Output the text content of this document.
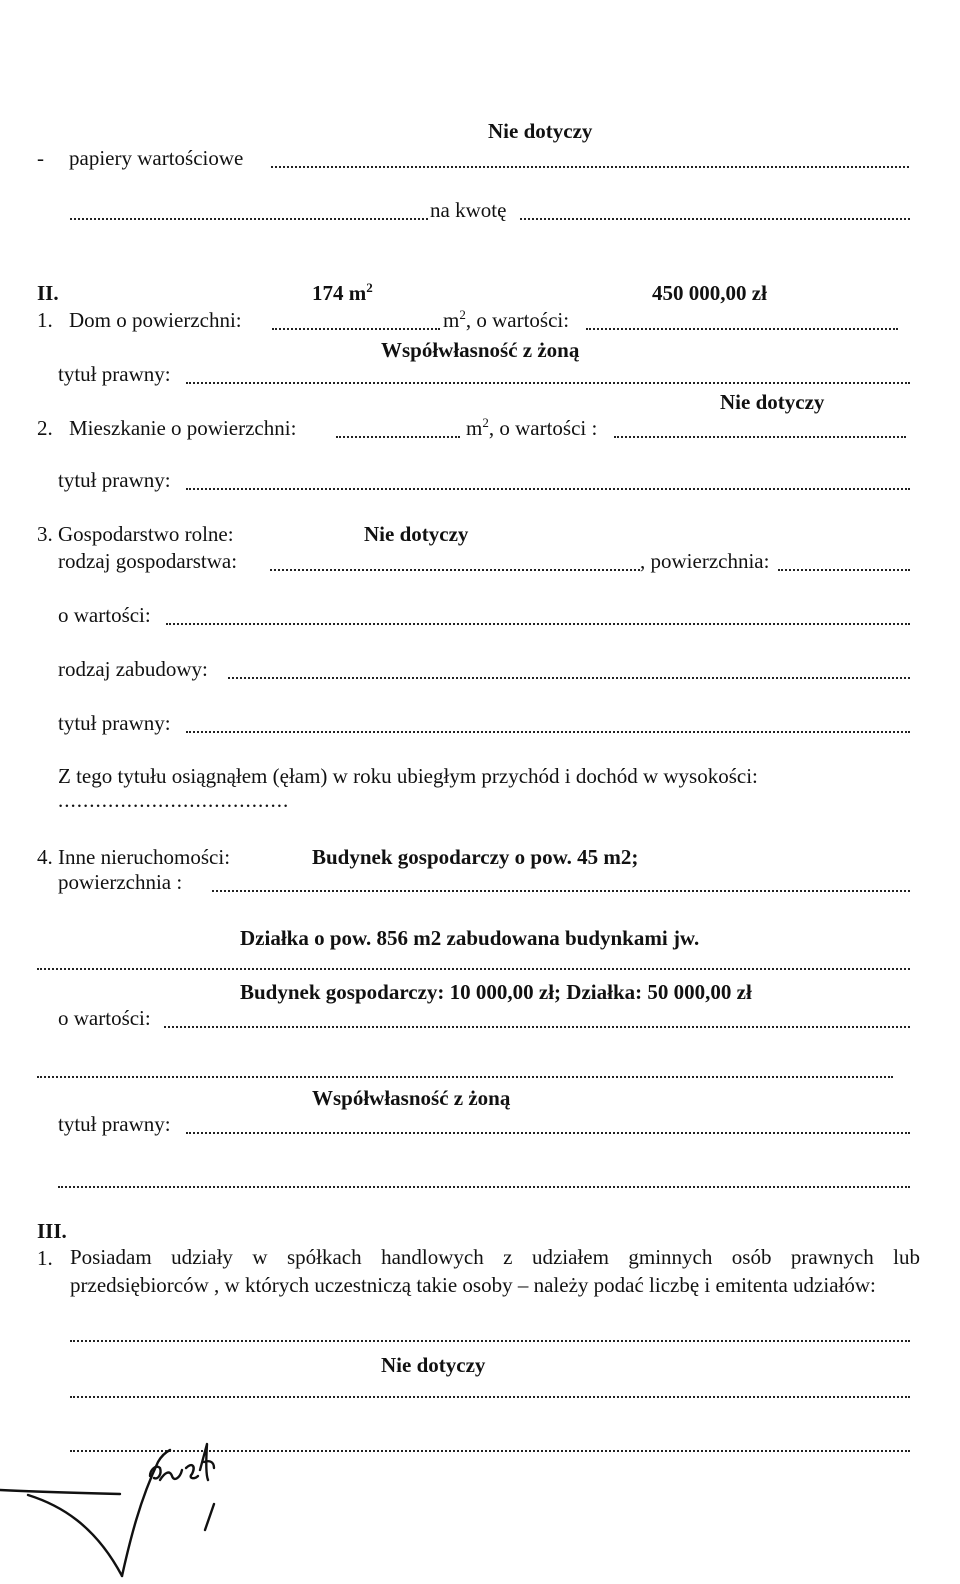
Nie dotyczy
- papiery wartościowe
na kwotę
II.	174 $m^2$	450 000,00 zł
1. Dom o powierzchni:	$m^2$, o wartości:
Współwłasność z żoną
tytuł prawny:
Nie dotyczy
2. Mieszkanie o powierzchni:	$m^2$, o wartości :
tytuł prawny:
3. Gospodarstwo rolne:	Nie dotyczy
rodzaj gospodarstwa:	, powierzchnia:
o wartości:
rodzaj zabudowy:
tytuł prawny:
Z tego tytułu osiągnąłem (ęłam) w roku ubiegłym przychód i dochód w wysokości:
.....................................
4. Inne nieruchomości:	Budynek gospodarczy o pow. 45 m2;
powierzchnia :
Działka o pow. 856 m2 zabudowana budynkami jw.
Budynek gospodarczy: 10 000,00 zł; Działka: 50 000,00 zł
o wartości:
Współwłasność z żoną
tytuł prawny:
III.
1. Posiadam udziały w spółkach handlowych z udziałem gminnych osób prawnych lub przedsiębiorców , w których uczestniczą takie osoby – należy podać liczbę i emitenta udziałów:
Nie dotyczy
